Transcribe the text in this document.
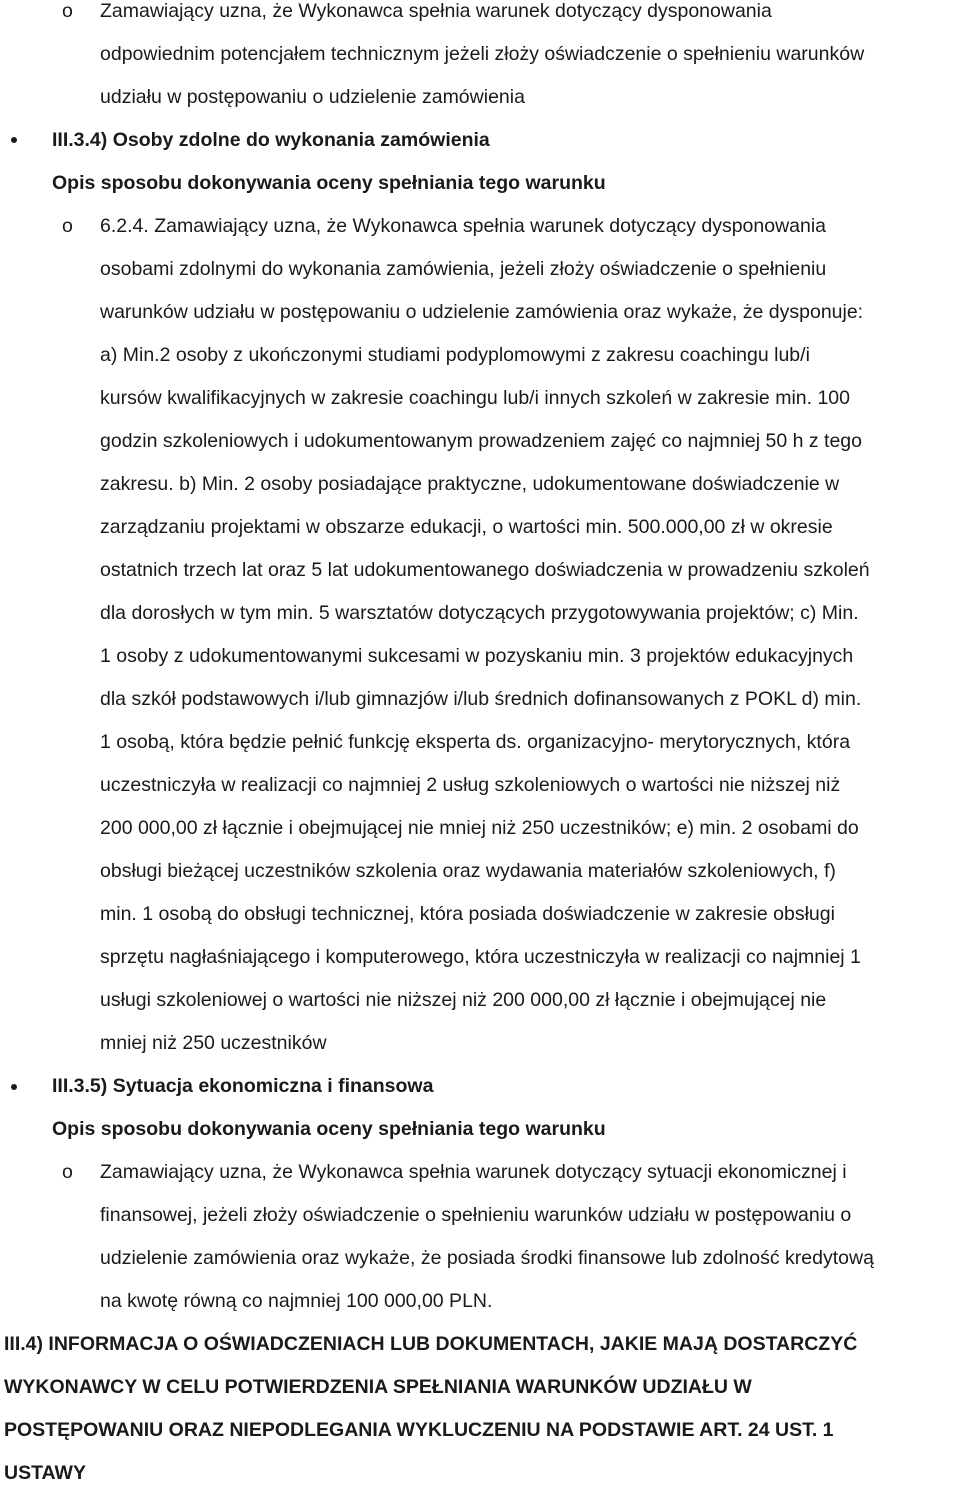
o Zamawiający uzna, że Wykonawca spełnia warunek dotyczący dysponowania
odpowiednim potencjałem technicznym jeżeli złoży oświadczenie o spełnieniu warunków
udziału w postępowaniu o udzielenie zamówienia
III.3.4) Osoby zdolne do wykonania zamówienia
Opis sposobu dokonywania oceny spełniania tego warunku
o 6.2.4. Zamawiający uzna, że Wykonawca spełnia warunek dotyczący dysponowania
osobami zdolnymi do wykonania zamówienia, jeżeli złoży oświadczenie o spełnieniu
warunków udziału w postępowaniu o udzielenie zamówienia oraz wykaże, że dysponuje:
a) Min.2 osoby z ukończonymi studiami podyplomowymi z zakresu coachingu lub/i
kursów kwalifikacyjnych w zakresie coachingu lub/i innych szkoleń w zakresie min. 100
godzin szkoleniowych i udokumentowanym prowadzeniem zajęć co najmniej 50 h z tego
zakresu. b) Min. 2 osoby posiadające praktyczne, udokumentowane doświadczenie w
zarządzaniu projektami w obszarze edukacji, o wartości min. 500.000,00 zł w okresie
ostatnich trzech lat oraz 5 lat udokumentowanego doświadczenia w prowadzeniu szkoleń
dla dorosłych w tym min. 5 warsztatów dotyczących przygotowywania projektów; c) Min.
1 osoby z udokumentowanymi sukcesami w pozyskaniu min. 3 projektów edukacyjnych
dla szkół podstawowych i/lub gimnazjów i/lub średnich dofinansowanych z POKL d) min.
1 osobą, która będzie pełnić funkcję eksperta ds. organizacyjno- merytorycznych, która
uczestniczyła w realizacji co najmniej 2 usług szkoleniowych o wartości nie niższej niż
200 000,00 zł łącznie i obejmującej nie mniej niż 250 uczestników; e) min. 2 osobami do
obsługi bieżącej uczestników szkolenia oraz wydawania materiałów szkoleniowych, f)
min. 1 osobą do obsługi technicznej, która posiada doświadczenie w zakresie obsługi
sprzętu nagłaśniającego i komputerowego, która uczestniczyła w realizacji co najmniej 1
usługi szkoleniowej o wartości nie niższej niż 200 000,00 zł łącznie i obejmującej nie
mniej niż 250 uczestników
III.3.5) Sytuacja ekonomiczna i finansowa
Opis sposobu dokonywania oceny spełniania tego warunku
o Zamawiający uzna, że Wykonawca spełnia warunek dotyczący sytuacji ekonomicznej i
finansowej, jeżeli złoży oświadczenie o spełnieniu warunków udziału w postępowaniu o
udzielenie zamówienia oraz wykaże, że posiada środki finansowe lub zdolność kredytową
na kwotę równą co najmniej 100 000,00 PLN.
III.4) INFORMACJA O OŚWIADCZENIACH LUB DOKUMENTACH, JAKIE MAJĄ DOSTARCZYĆ
WYKONAWCY W CELU POTWIERDZENIA SPEŁNIANIA WARUNKÓW UDZIAŁU W
POSTĘPOWANIU ORAZ NIEPODLEGANIA WYKLUCZENIU NA PODSTAWIE ART. 24 UST. 1
USTAWY
